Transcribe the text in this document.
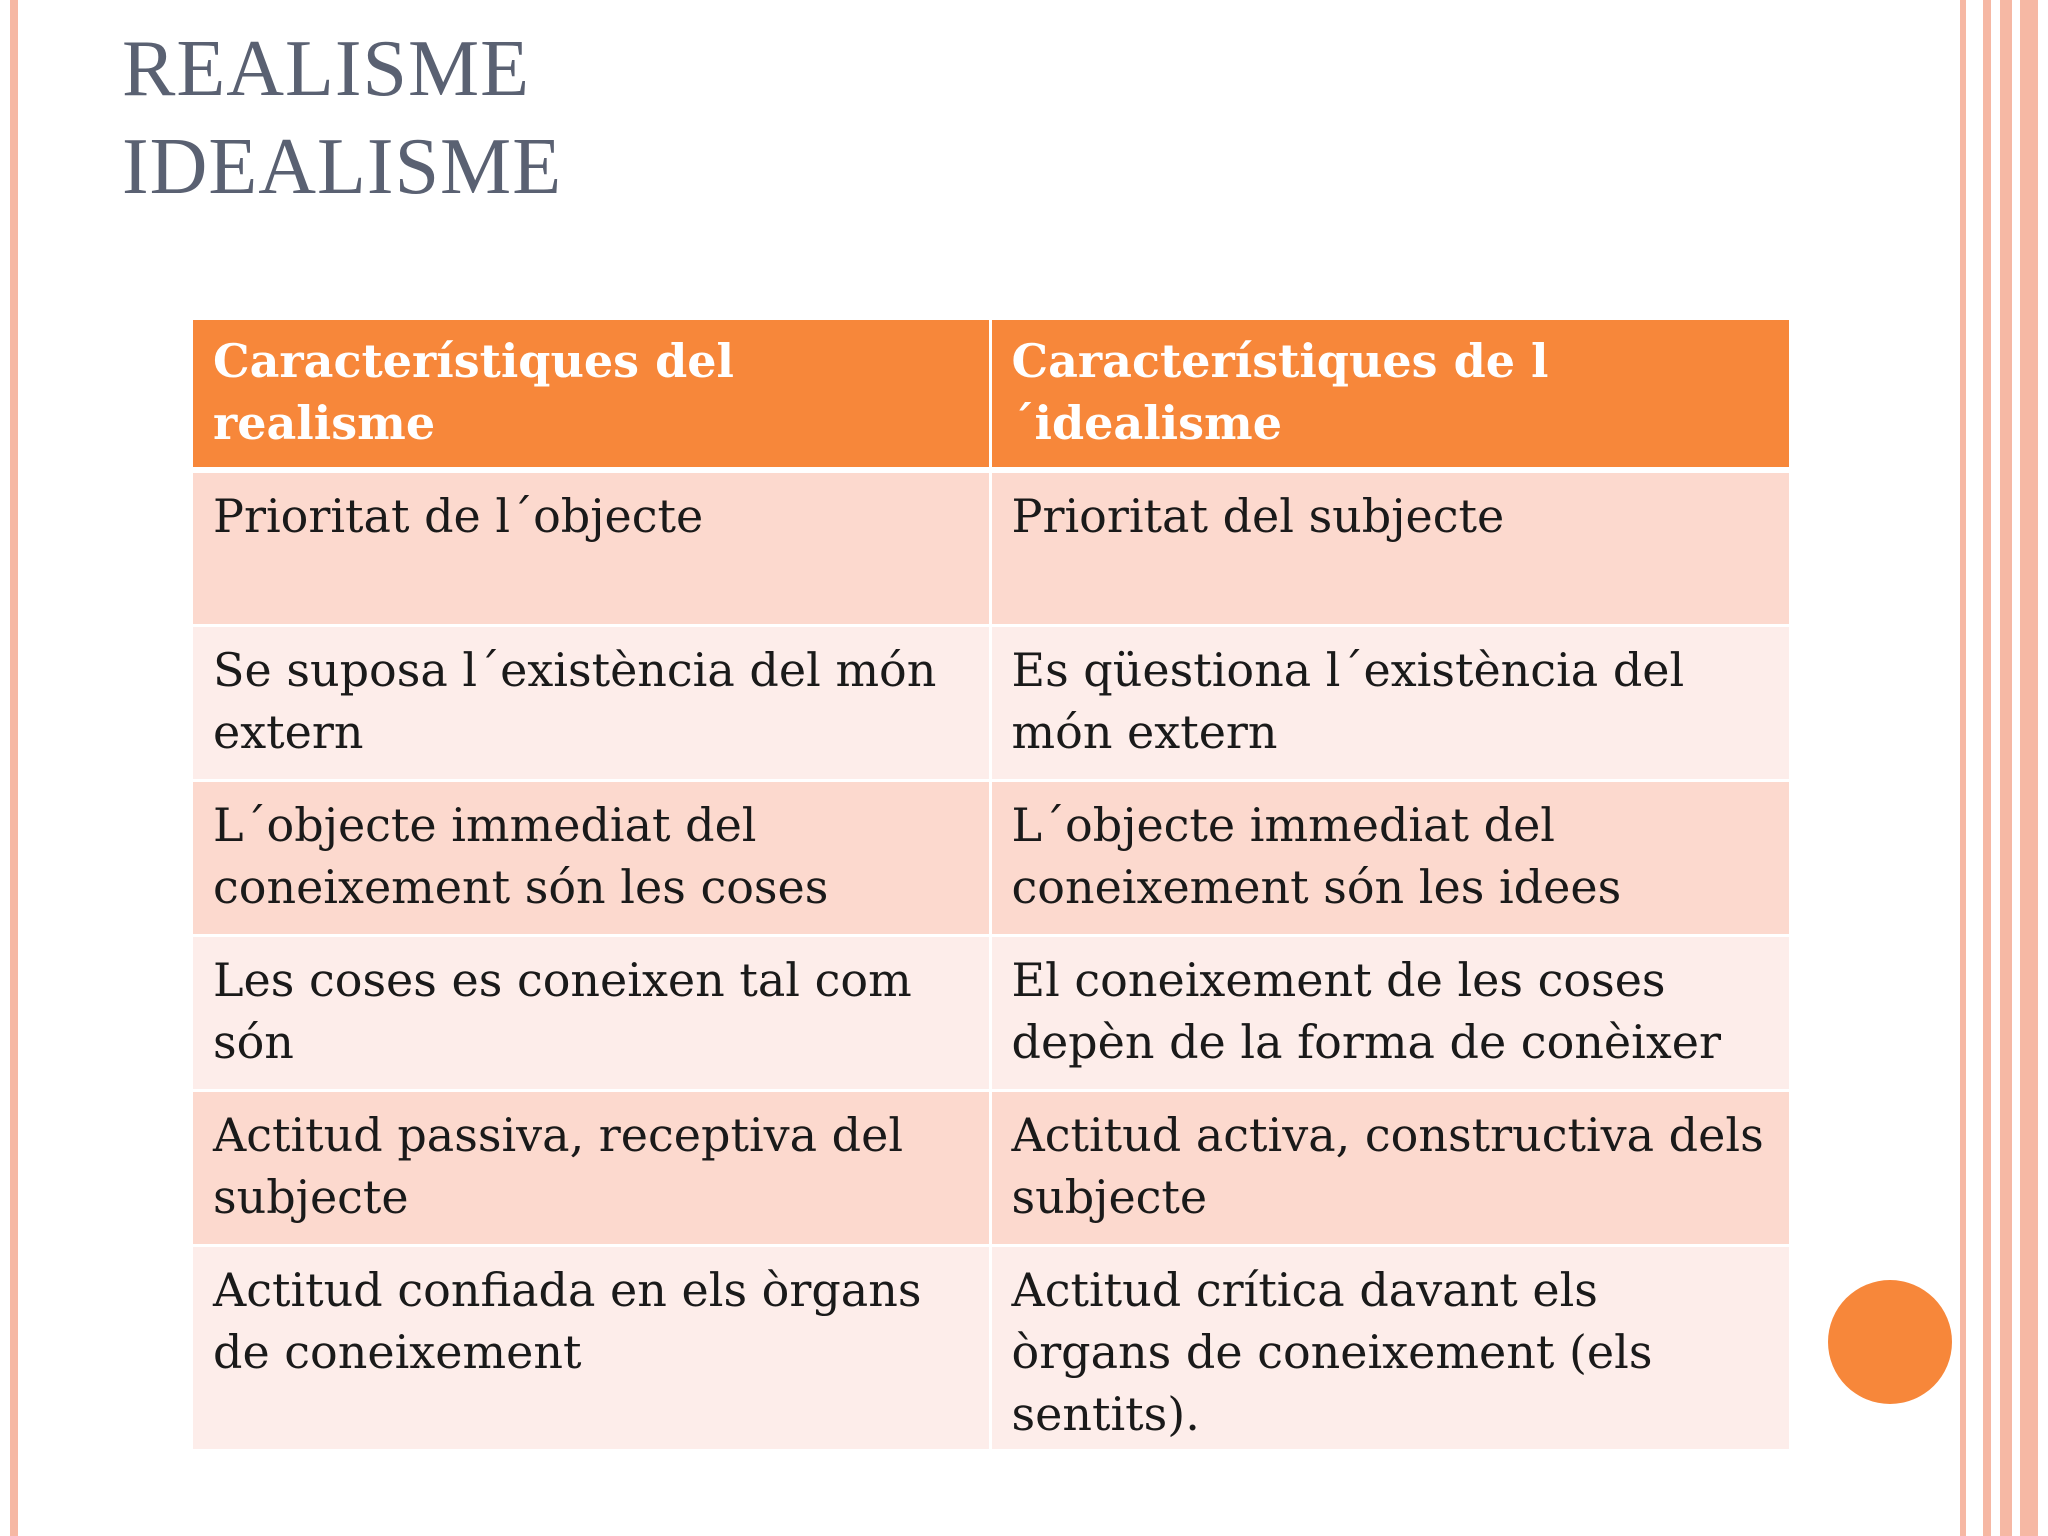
REALISME
IDEALISME
Característiques del realisme	Característiques de l ´idealisme
Prioritat de l´objecte	Prioritat del subjecte
Se suposa l´existència del món extern	Es qüestiona l´existència del món extern
L´objecte immediat del coneixement són les coses	L´objecte immediat del coneixement són les idees
Les coses es coneixen tal com són	El coneixement de les coses depèn de la forma de conèixer
Actitud passiva, receptiva del subjecte	Actitud activa, constructiva dels subjecte
Actitud confiada en els òrgans de coneixement	Actitud crítica davant els òrgans de coneixement (els sentits).
